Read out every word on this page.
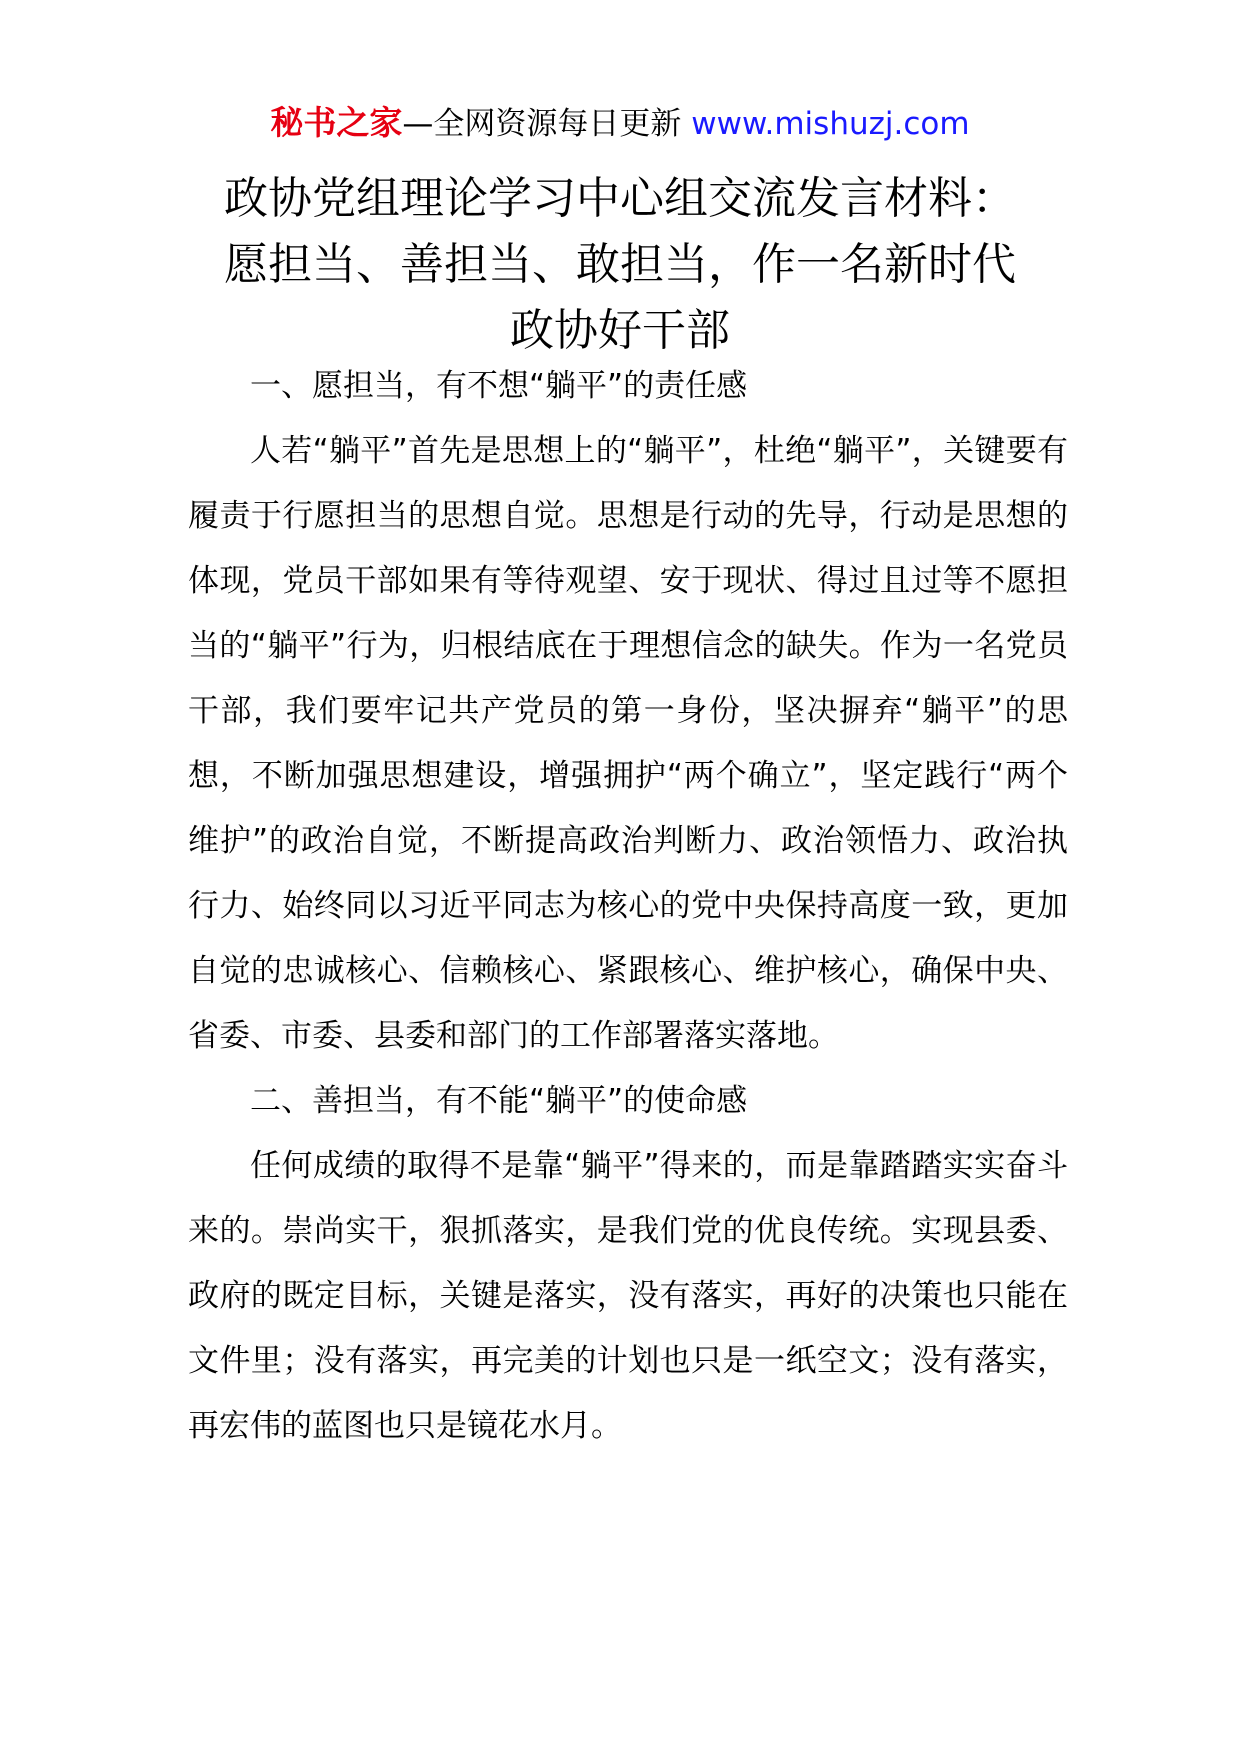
秘书之家—全网资源每日更新 www.mishuzj.com
政协党组理论学习中心组交流发言材料：
愿担当、善担当、敢担当，作一名新时代
政协好干部

一、愿担当，有不想“躺平”的责任感

人若“躺平”首先是思想上的“躺平”，杜绝“躺平”，关键要有履责于行愿担当的思想自觉。思想是行动的先导，行动是思想的体现，党员干部如果有等待观望、安于现状、得过且过等不愿担当的“躺平”行为，归根结底在于理想信念的缺失。作为一名党员干部，我们要牢记共产党员的第一身份，坚决摒弃“躺平”的思想，不断加强思想建设，增强拥护“两个确立”，坚定践行“两个维护”的政治自觉，不断提高政治判断力、政治领悟力、政治执行力、始终同以习近平同志为核心的党中央保持高度一致，更加自觉的忠诚核心、信赖核心、紧跟核心、维护核心，确保中央、省委、市委、县委和部门的工作部署落实落地。

二、善担当，有不能“躺平”的使命感

任何成绩的取得不是靠“躺平”得来的，而是靠踏踏实实奋斗来的。崇尚实干，狠抓落实，是我们党的优良传统。实现县委、政府的既定目标，关键是落实，没有落实，再好的决策也只能在文件里；没有落实，再完美的计划也只是一纸空文；没有落实，再宏伟的蓝图也只是镜花水月。
